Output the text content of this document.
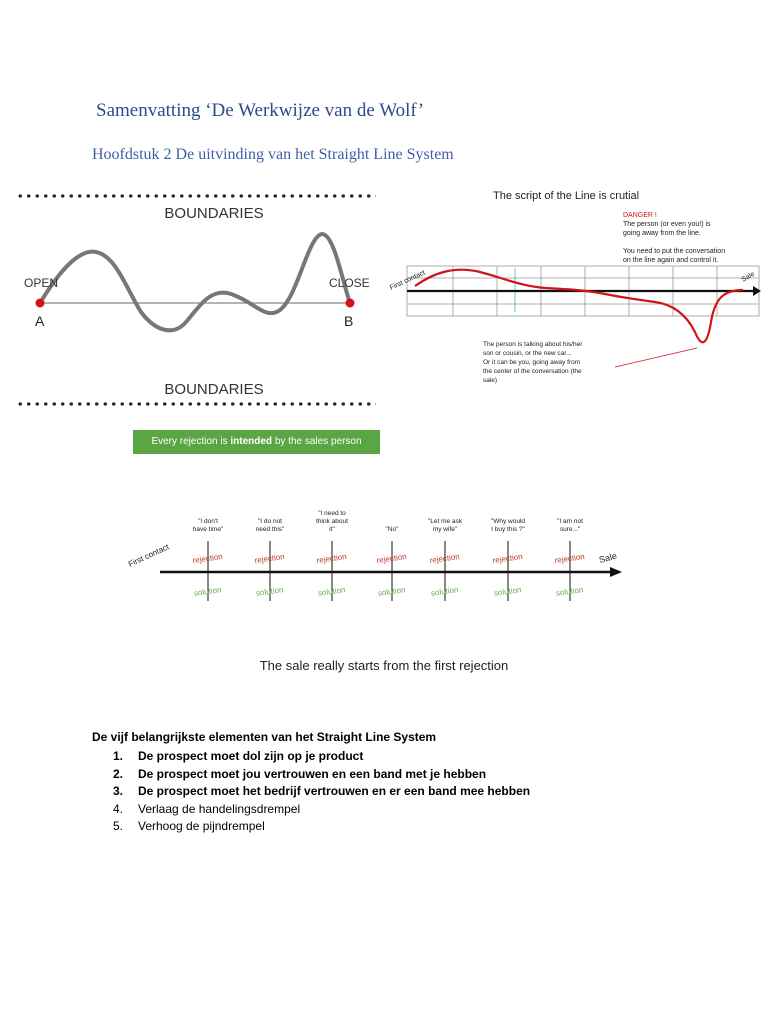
Samenvatting ‘De Werkwijze van de Wolf’
Hoofdstuk 2 De uitvinding van het Straight Line System
BOUNDARIES
OPEN	CLOSE
A	B
BOUNDARIES
The script of the Line is crutial
DANGER !
The person (or even you!) is going away from the line. You need to put the conversation on the line again and control it.
First contact	Sale
The person is talking about his/her son or cousin, or the new car... Or it can be you, going away from the center of the conversation (the sale)
Every rejection is intended by the sales person
First contact	Sale
"I don't have time"
rejection
solution
"I do not need this"
rejection
solution
"I need to think about it"
rejection
solution
"No"
rejection
solution
"Let me ask my wife"
rejection
solution
"Why would I buy this ?"
rejection
solution
"I am not sure..."
rejection
solution
The sale really starts from the first rejection
De vijf belangrijkste elementen van het Straight Line System
1.	De prospect moet dol zijn op je product
2.	De prospect moet jou vertrouwen en een band met je hebben
3.	De prospect moet het bedrijf vertrouwen en er een band mee hebben
4.	Verlaag de handelingsdrempel
5.	Verhoog de pijndrempel
